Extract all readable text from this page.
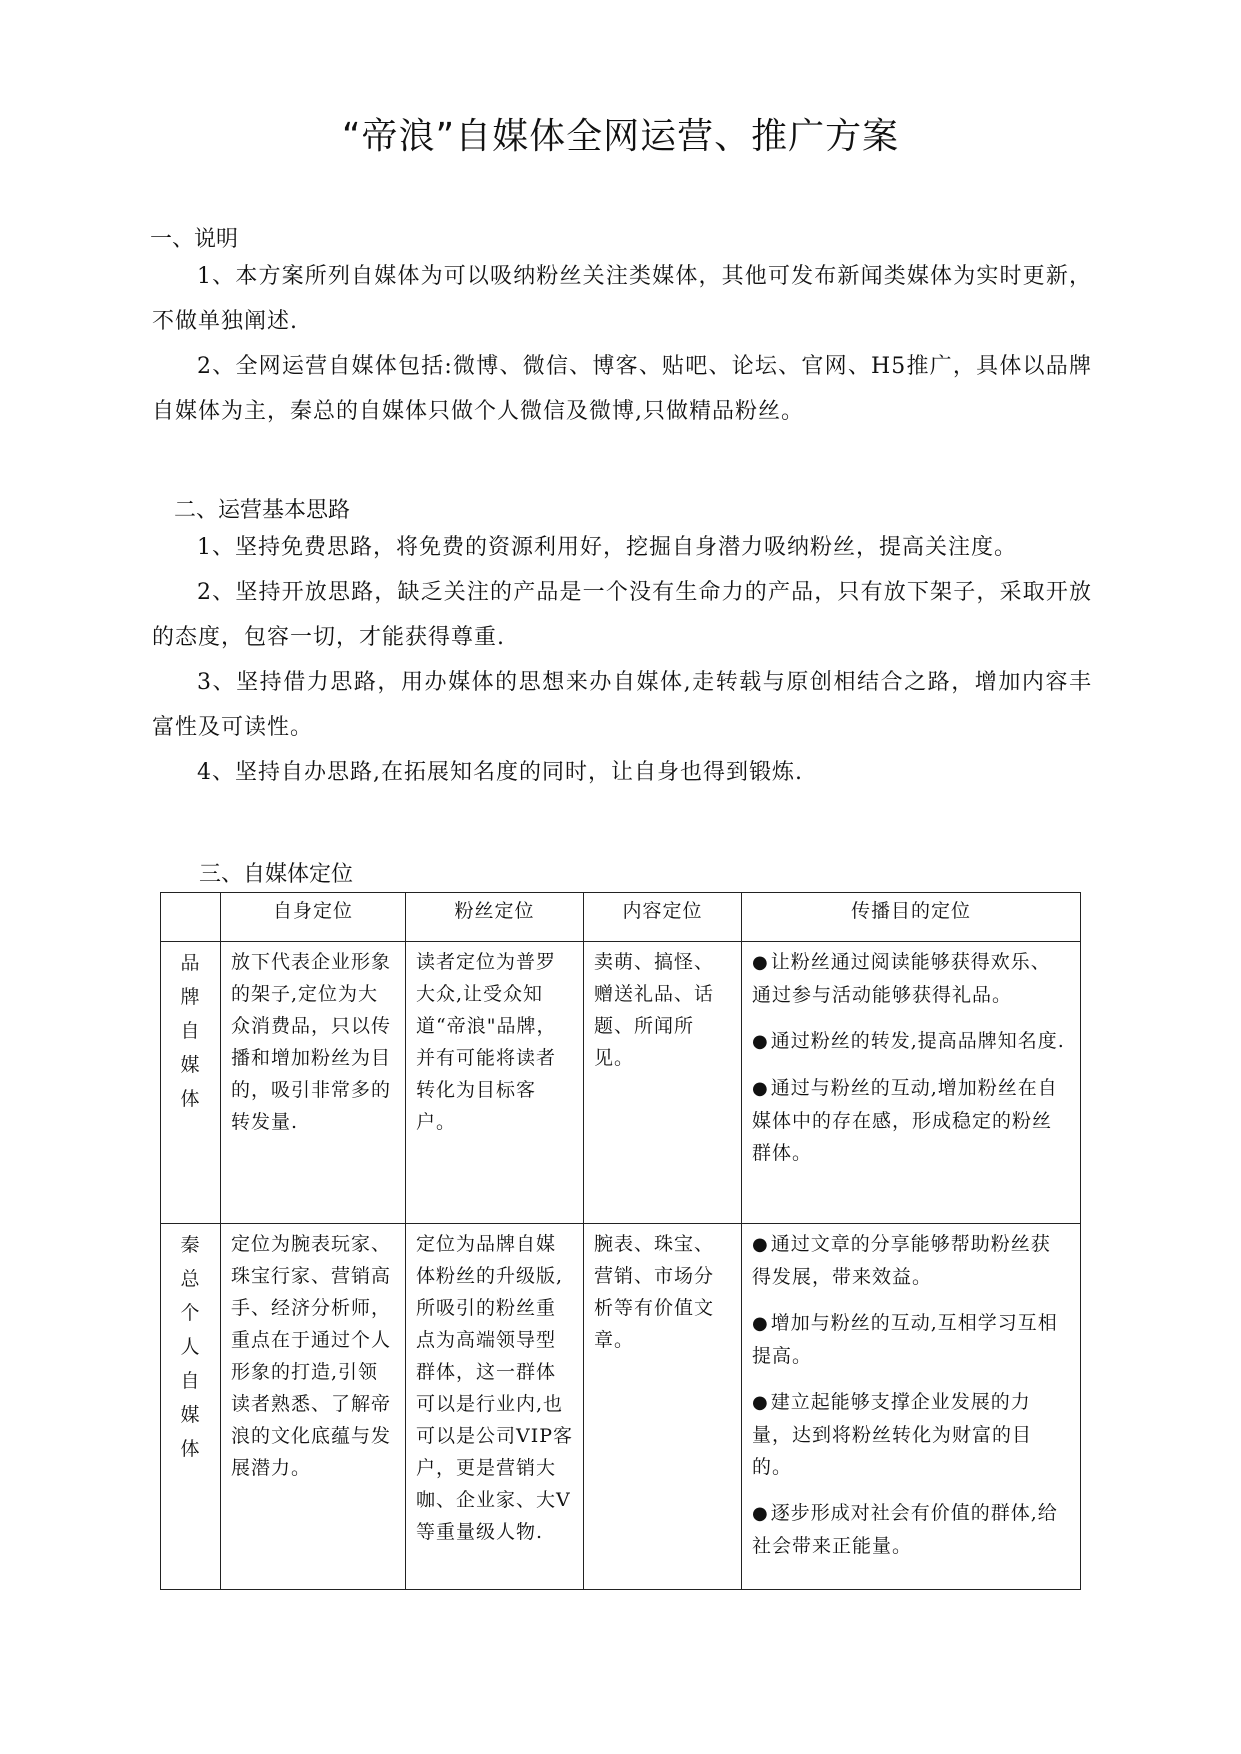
“帝浪”自媒体全网运营、推广方案
一、说明

1、本方案所列自媒体为可以吸纳粉丝关注类媒体，其他可发布新闻类媒体为实时更新，不做单独阐述.

2、全网运营自媒体包括:微博、微信、博客、贴吧、论坛、官网、H5推广，具体以品牌自媒体为主，秦总的自媒体只做个人微信及微博,只做精品粉丝。

二、运营基本思路

1、坚持免费思路，将免费的资源利用好，挖掘自身潜力吸纳粉丝，提高关注度。

2、坚持开放思路，缺乏关注的产品是一个没有生命力的产品，只有放下架子，采取开放的态度，包容一切，才能获得尊重.

3、坚持借力思路，用办媒体的思想来办自媒体,走转载与原创相结合之路，增加内容丰富性及可读性。

4、坚持自办思路,在拓展知名度的同时，让自身也得到锻炼.

三、自媒体定位
	自身定位	粉丝定位	内容定位	传播目的定位

品牌自媒体	放下代表企业形象的架子,定位为大众消费品，只以传播和增加粉丝为目的，吸引非常多的转发量.	读者定位为普罗大众,让受众知道“帝浪"品牌，并有可能将读者转化为目标客户。	卖萌、搞怪、赠送礼品、话题、所闻所见。	● 让粉丝通过阅读能够获得欢乐、通过参与活动能够获得礼品。

● 通过粉丝的转发,提高品牌知名度.

● 通过与粉丝的互动,增加粉丝在自媒体中的存在感，形成稳定的粉丝群体。

秦总个人自媒体	定位为腕表玩家、珠宝行家、营销高手、经济分析师，重点在于通过个人形象的打造,引领读者熟悉、了解帝浪的文化底蕴与发展潜力。	定位为品牌自媒体粉丝的升级版,所吸引的粉丝重点为高端领导型群体，这一群体可以是行业内,也可以是公司VIP客户，更是营销大咖、企业家、大V等重量级人物.	腕表、珠宝、营销、市场分析等有价值文章。	● 通过文章的分享能够帮助粉丝获得发展，带来效益。

● 增加与粉丝的互动,互相学习互相提高。

● 建立起能够支撑企业发展的力量，达到将粉丝转化为财富的目的。

● 逐步形成对社会有价值的群体,给社会带来正能量。
